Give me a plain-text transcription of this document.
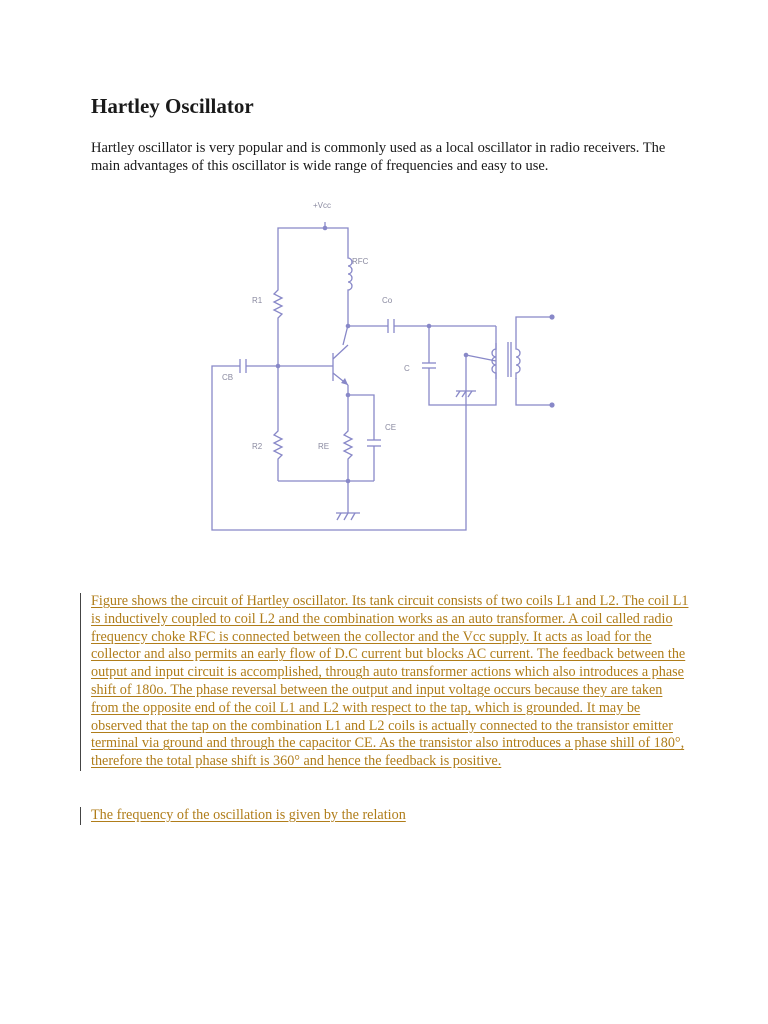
Hartley Oscillator

Hartley oscillator is very popular and is commonly used as a local oscillator in radio receivers. The main advantages of this oscillator is wide range of frequencies and easy to use.

+Vcc
RFC
R1	Co
CB
C
CE
R2	RE

Figure shows the circuit of Hartley oscillator. Its tank circuit consists of two coils L1 and L2. The coil L1 is inductively coupled to coil L2 and the combination works as an auto transformer. A coil called radio frequency choke RFC is connected between the collector and the Vcc supply. It acts as load for the collector and also permits an early flow of D.C current but blocks AC current. The feedback between the output and input circuit is accomplished, through auto transformer actions which also introduces a phase shift of 180o. The phase reversal between the output and input voltage occurs because they are taken from the opposite end of the coil L1 and L2 with respect to the tap, which is grounded. It may be observed that the tap on the combination L1 and L2 coils is actually connected to the transistor emitter terminal via ground and through the capacitor CE. As the transistor also introduces a phase shill of 180°, therefore the total phase shift is 360° and hence the feedback is positive.

The frequency of the oscillation is given by the relation
